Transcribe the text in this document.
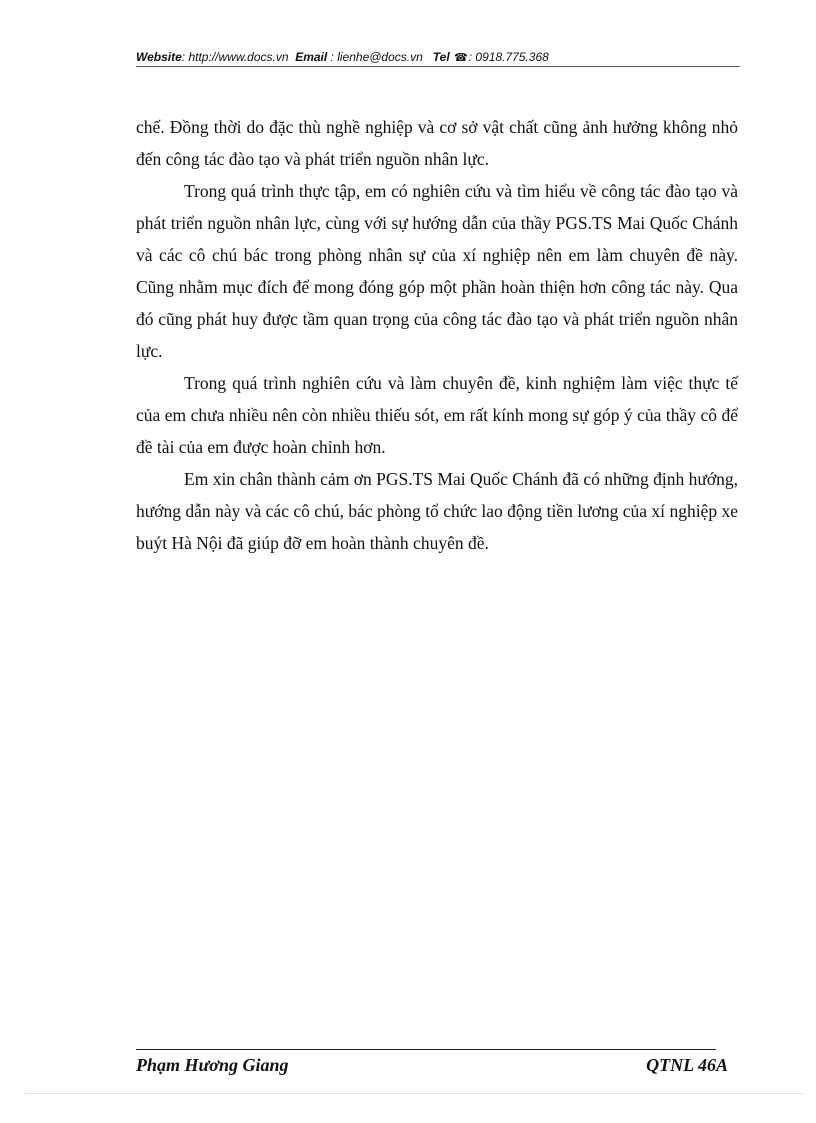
Website: http://www.docs.vn Email : lienhe@docs.vn Tel ☎: 0918.775.368

chế. Đồng thời do đặc thù nghề nghiệp và cơ sở vật chất cũng ảnh hưởng không nhỏ đến công tác đào tạo và phát triển nguồn nhân lực.

Trong quá trình thực tập, em có nghiên cứu và tìm hiểu về công tác đào tạo và phát triển nguồn nhân lực, cùng với sự hướng dẫn của thầy PGS.TS Mai Quốc Chánh và các cô chú bác trong phòng nhân sự của xí nghiệp nên em làm chuyên đề này. Cũng nhằm mục đích để mong đóng góp một phần hoàn thiện hơn công tác này. Qua đó cũng phát huy được tầm quan trọng của công tác đào tạo và phát triển nguồn nhân lực.

Trong quá trình nghiên cứu và làm chuyên đề, kinh nghiệm làm việc thực tế của em chưa nhiều nên còn nhiều thiếu sót, em rất kính mong sự góp ý của thầy cô để đề tài của em được hoàn chỉnh hơn.

Em xin chân thành cảm ơn PGS.TS Mai Quốc Chánh đã có những định hướng, hướng dẫn này và các cô chú, bác phòng tổ chức lao động tiền lương của xí nghiệp xe buýt Hà Nội đã giúp đỡ em hoàn thành chuyên đề.

Phạm Hương Giang	QTNL 46A
